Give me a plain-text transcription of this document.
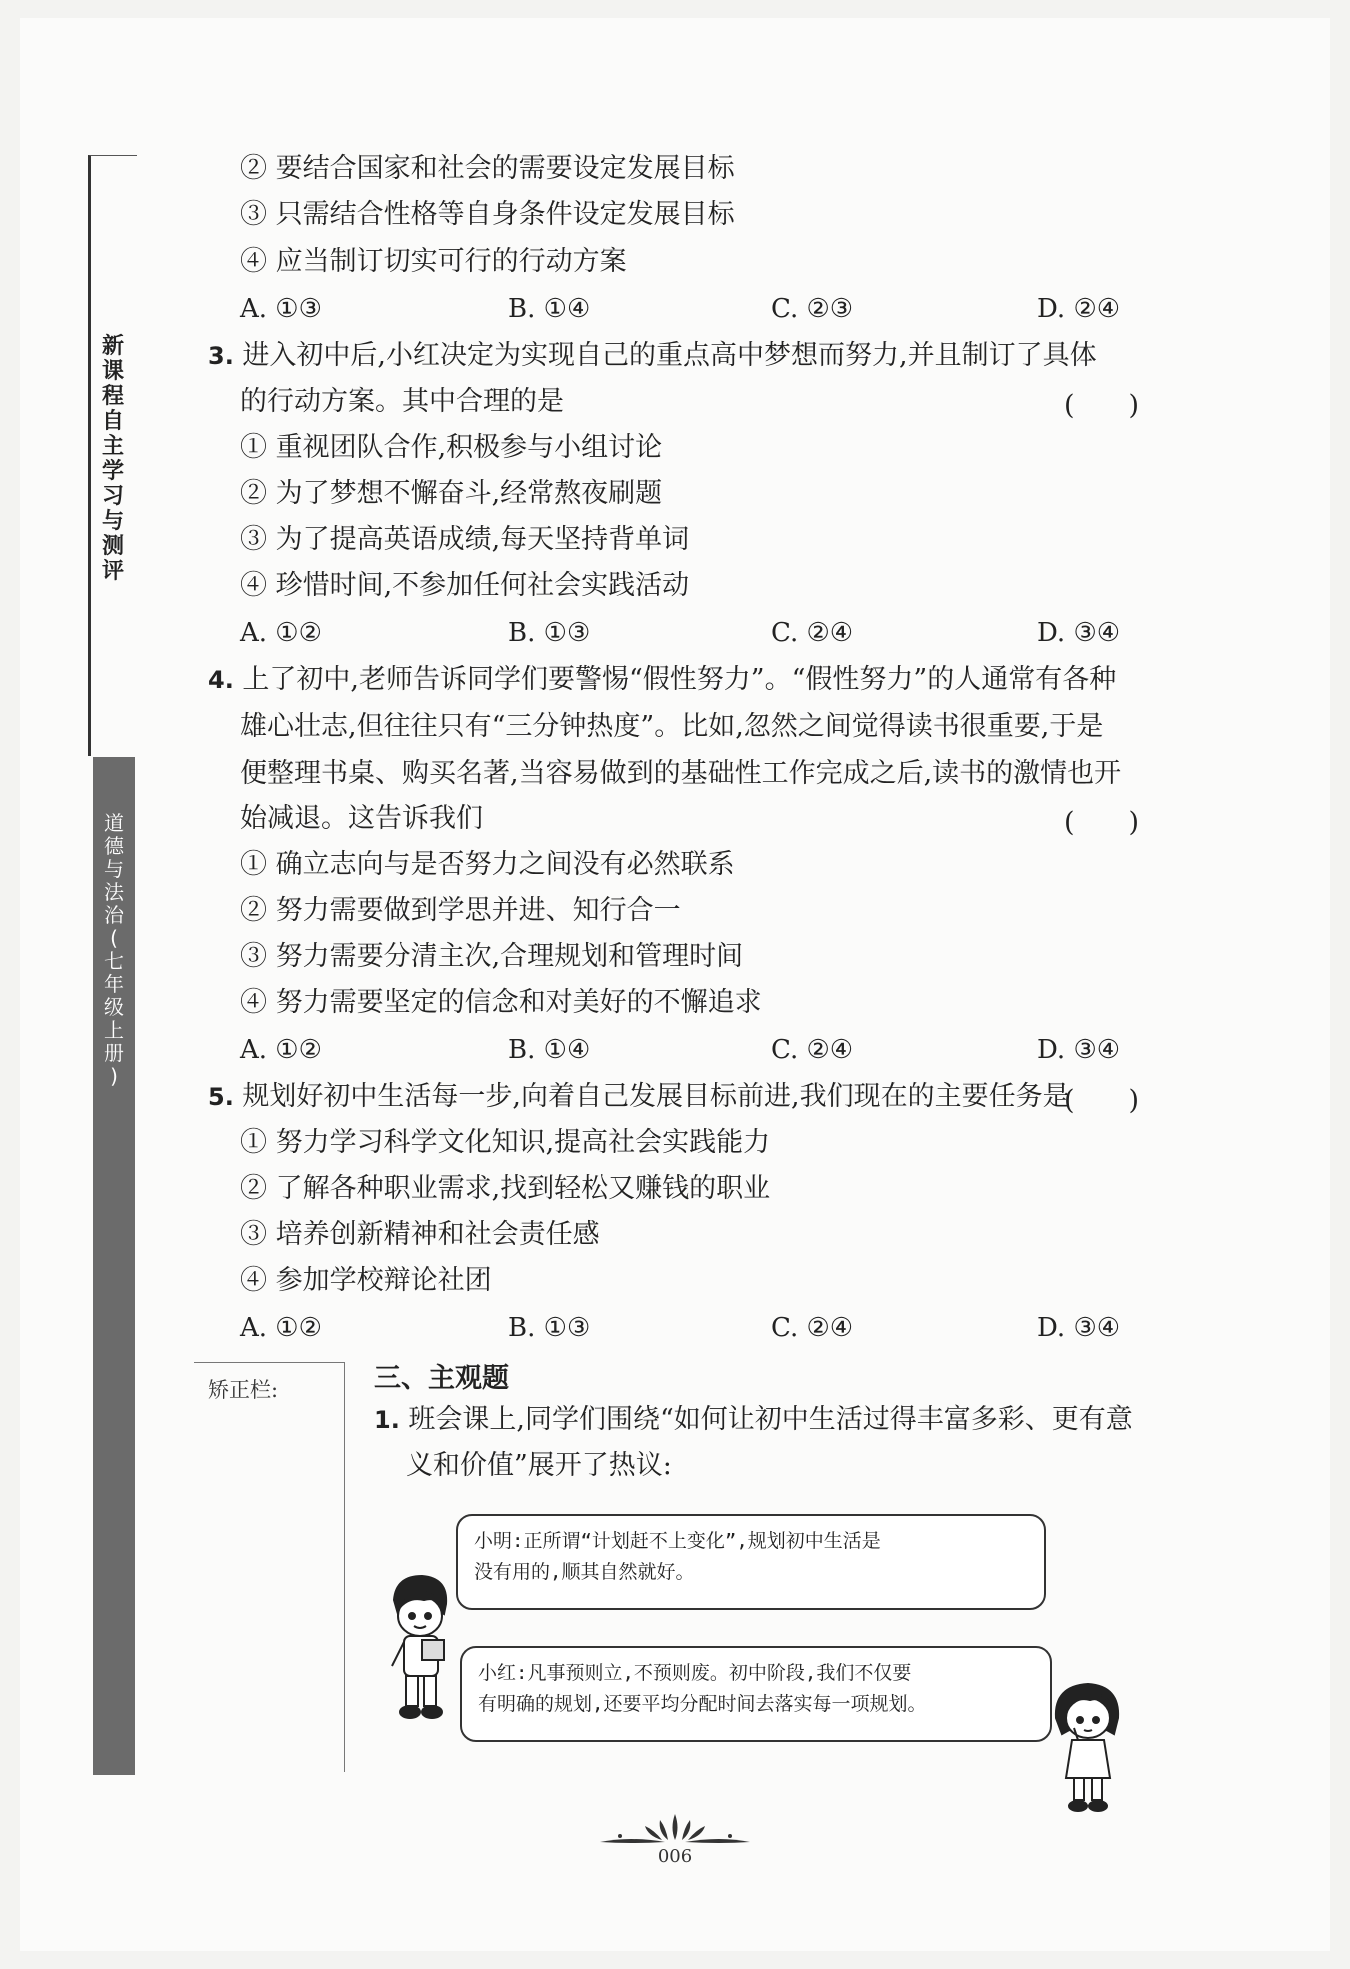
新
课
程
自
主
学
习
与
测
评
道
德
与
法
治
(
七
年
级
上
册
)
② 要结合国家和社会的需要设定发展目标
③ 只需结合性格等自身条件设定发展目标
④ 应当制订切实可行的行动方案
A. ①③	B. ①④	C. ②③	D. ②④
3. 进入初中后,小红决定为实现自己的重点高中梦想而努力,并且制订了具体
的行动方案。其中合理的是	(　　)
① 重视团队合作,积极参与小组讨论
② 为了梦想不懈奋斗,经常熬夜刷题
③ 为了提高英语成绩,每天坚持背单词
④ 珍惜时间,不参加任何社会实践活动
A. ①②	B. ①③	C. ②④	D. ③④
4. 上了初中,老师告诉同学们要警惕“假性努力”。“假性努力”的人通常有各种
雄心壮志,但往往只有“三分钟热度”。比如,忽然之间觉得读书很重要,于是
便整理书桌、购买名著,当容易做到的基础性工作完成之后,读书的激情也开
始减退。这告诉我们	(　　)
① 确立志向与是否努力之间没有必然联系
② 努力需要做到学思并进、知行合一
③ 努力需要分清主次,合理规划和管理时间
④ 努力需要坚定的信念和对美好的不懈追求
A. ①②	B. ①④	C. ②④	D. ③④
5. 规划好初中生活每一步,向着自己发展目标前进,我们现在的主要任务是
(　　)
① 努力学习科学文化知识,提高社会实践能力
② 了解各种职业需求,找到轻松又赚钱的职业
③ 培养创新精神和社会责任感
④ 参加学校辩论社团
A. ①②	B. ①③	C. ②④	D. ③④
矫正栏:	三、主观题
1. 班会课上,同学们围绕“如何让初中生活过得丰富多彩、更有意
义和价值”展开了热议:
小明:正所谓“计划赶不上变化”,规划初中生活是
没有用的,顺其自然就好。
小红:凡事预则立,不预则废。初中阶段,我们不仅要
有明确的规划,还要平均分配时间去落实每一项规划。
006
